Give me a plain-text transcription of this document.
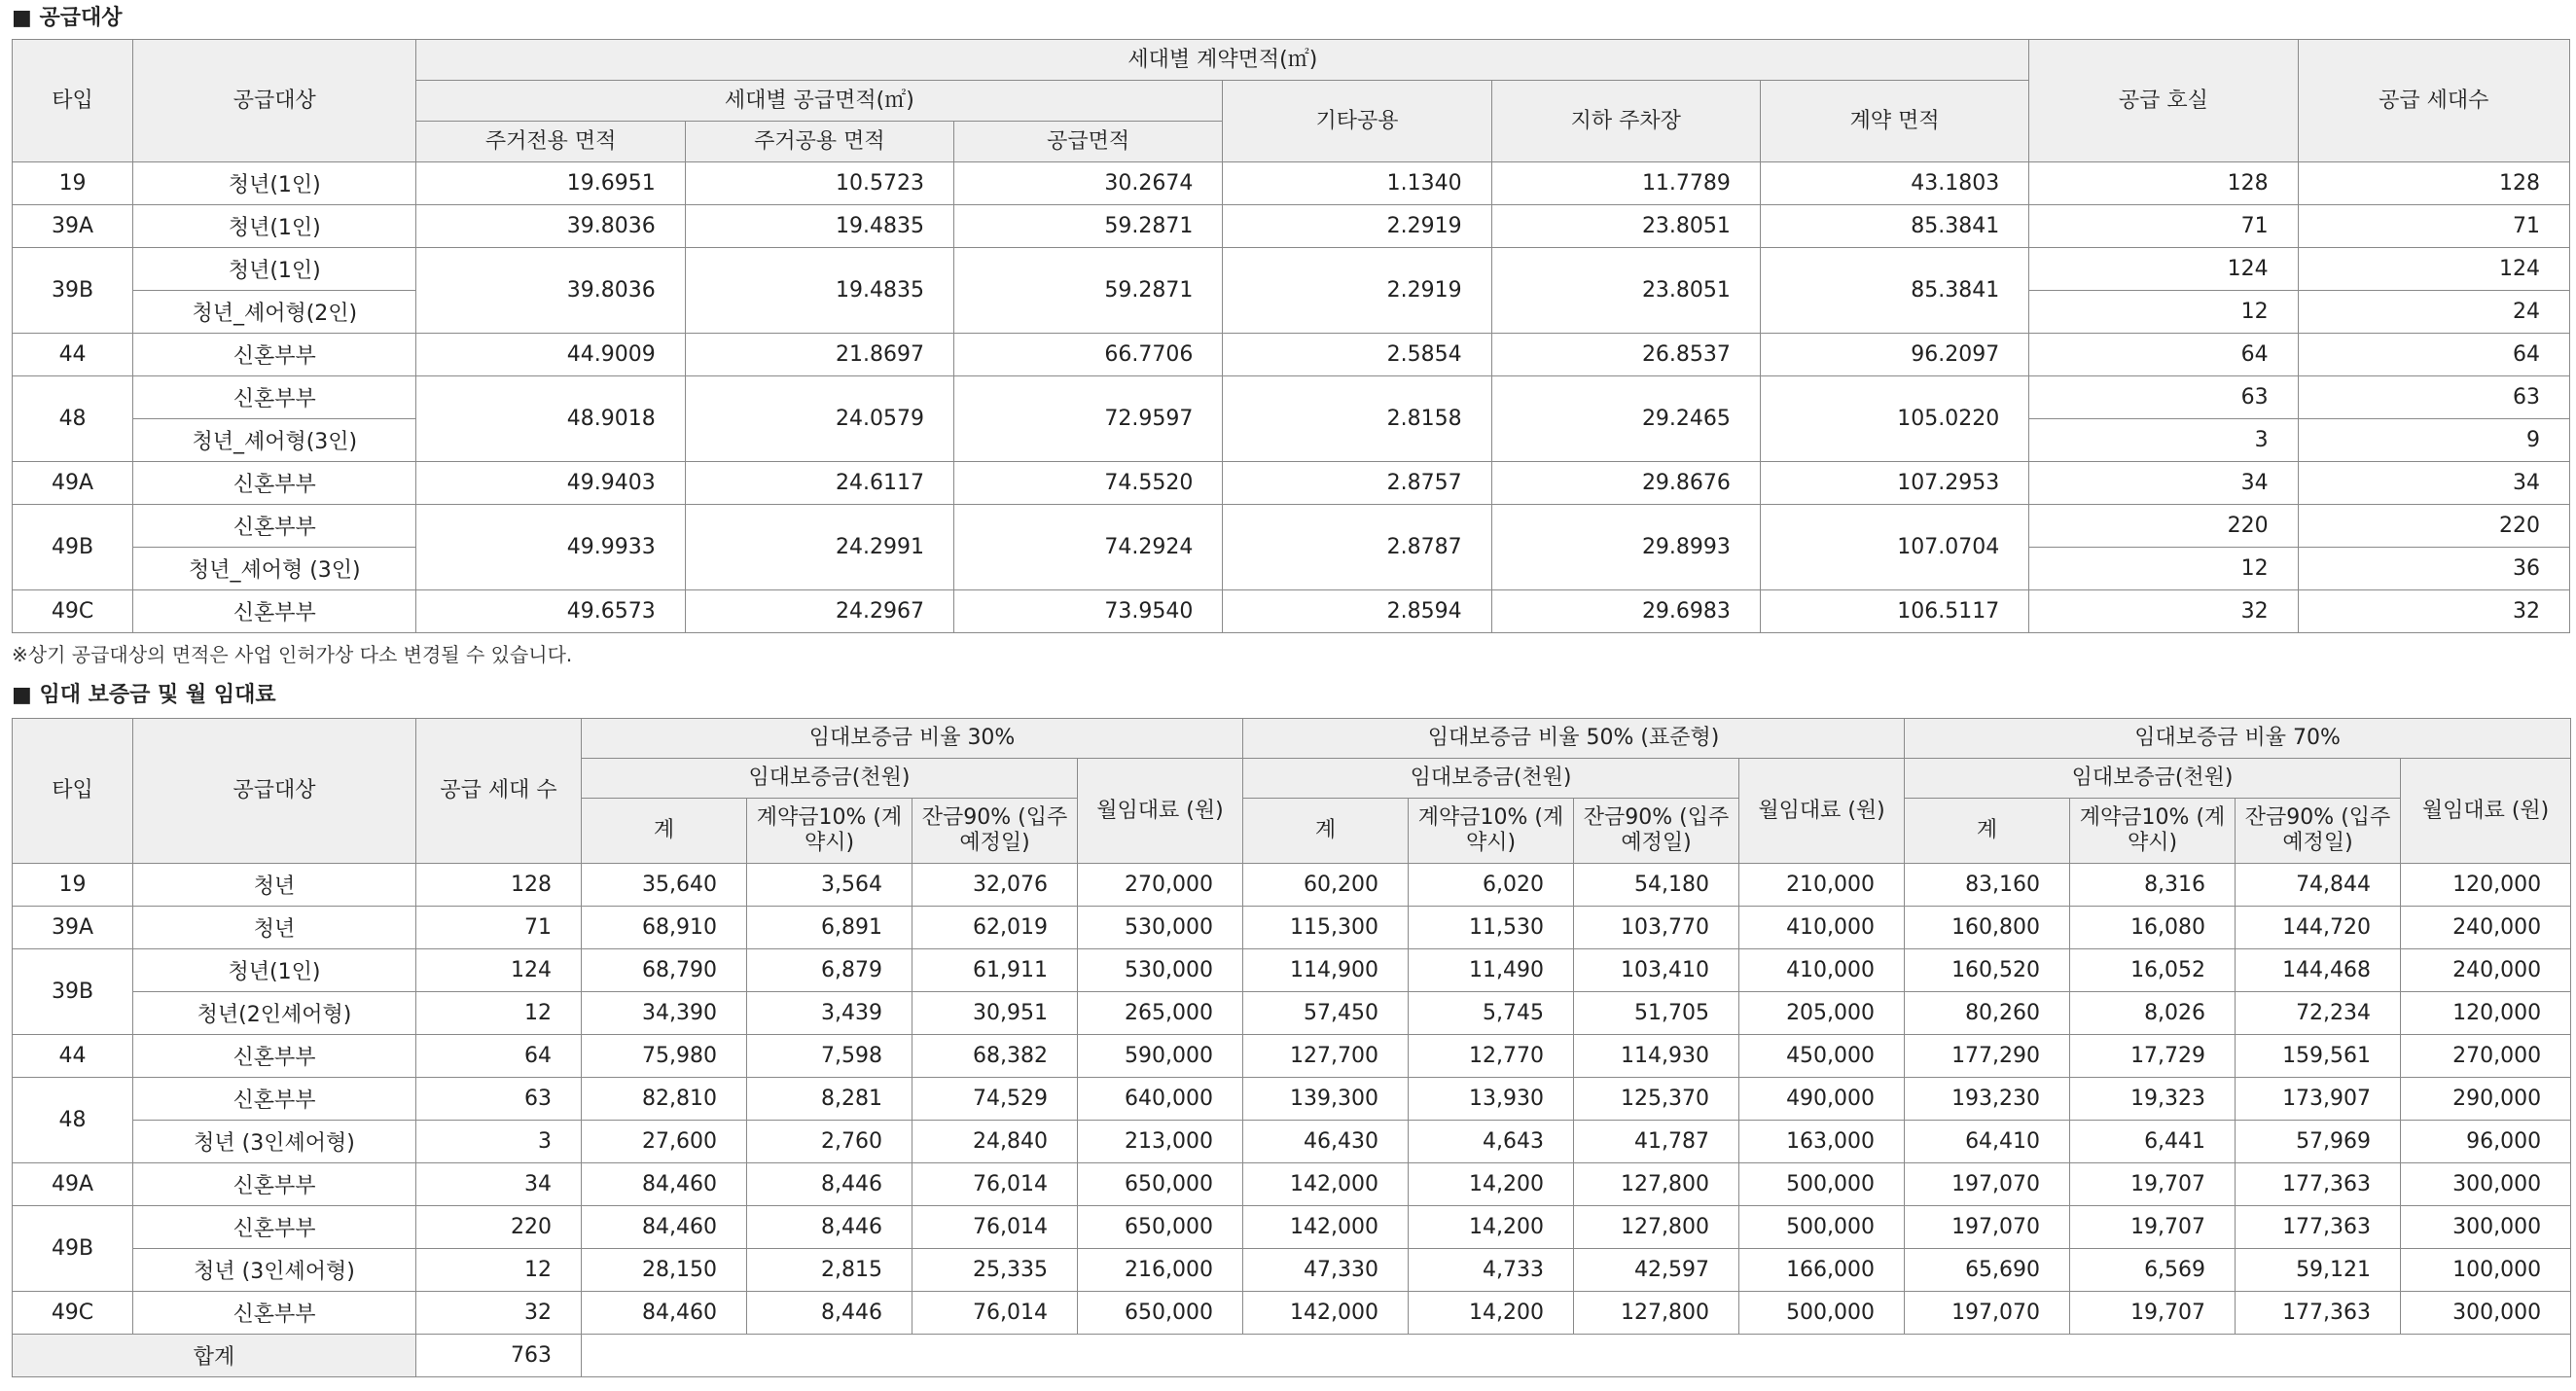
■ 공급대상
타입	공급대상	세대별 계약면적(㎡)						공급 호실	공급 세대수
		세대별 공급면적(㎡)			기타공용	지하 주차장	계약 면적		
		주거전용 면적	주거공용 면적	공급면적					
19	청년(1인)	19.6951	10.5723	30.2674	1.1340	11.7789	43.1803	128	128
39A	청년(1인)	39.8036	19.4835	59.2871	2.2919	23.8051	85.3841	71	71
39B	청년(1인)	39.8036	19.4835	59.2871	2.2919	23.8051	85.3841	124	124
	청년_셰어형(2인)							12	24
44	신혼부부	44.9009	21.8697	66.7706	2.5854	26.8537	96.2097	64	64
48	신혼부부	48.9018	24.0579	72.9597	2.8158	29.2465	105.0220	63	63
	청년_셰어형(3인)							3	9
49A	신혼부부	49.9403	24.6117	74.5520	2.8757	29.8676	107.2953	34	34
49B	신혼부부	49.9933	24.2991	74.2924	2.8787	29.8993	107.0704	220	220
	청년_셰어형 (3인)							12	36
49C	신혼부부	49.6573	24.2967	73.9540	2.8594	29.6983	106.5117	32	32
※상기 공급대상의 면적은 사업 인허가상 다소 변경될 수 있습니다.
■ 임대 보증금 및 월 임대료
타입	공급대상	공급 세대 수	임대보증금 비율 30%				임대보증금 비율 50% (표준형)				임대보증금 비율 70%			
			임대보증금(천원)			월임대료 (원)	임대보증금(천원)			월임대료 (원)	임대보증금(천원)			월임대료 (원)
			계	계약금10% (계약시)	잔금90% (입주예정일)		계	계약금10% (계약시)	잔금90% (입주예정일)		계	계약금10% (계약시)	잔금90% (입주예정일)	
19	청년	128	35,640	3,564	32,076	270,000	60,200	6,020	54,180	210,000	83,160	8,316	74,844	120,000
39A	청년	71	68,910	6,891	62,019	530,000	115,300	11,530	103,770	410,000	160,800	16,080	144,720	240,000
39B	청년(1인)	124	68,790	6,879	61,911	530,000	114,900	11,490	103,410	410,000	160,520	16,052	144,468	240,000
	청년(2인셰어형)	12	34,390	3,439	30,951	265,000	57,450	5,745	51,705	205,000	80,260	8,026	72,234	120,000
44	신혼부부	64	75,980	7,598	68,382	590,000	127,700	12,770	114,930	450,000	177,290	17,729	159,561	270,000
48	신혼부부	63	82,810	8,281	74,529	640,000	139,300	13,930	125,370	490,000	193,230	19,323	173,907	290,000
	청년 (3인셰어형)	3	27,600	2,760	24,840	213,000	46,430	4,643	41,787	163,000	64,410	6,441	57,969	96,000
49A	신혼부부	34	84,460	8,446	76,014	650,000	142,000	14,200	127,800	500,000	197,070	19,707	177,363	300,000
49B	신혼부부	220	84,460	8,446	76,014	650,000	142,000	14,200	127,800	500,000	197,070	19,707	177,363	300,000
	청년 (3인셰어형)	12	28,150	2,815	25,335	216,000	47,330	4,733	42,597	166,000	65,690	6,569	59,121	100,000
49C	신혼부부	32	84,460	8,446	76,014	650,000	142,000	14,200	127,800	500,000	197,070	19,707	177,363	300,000
합계		763												
